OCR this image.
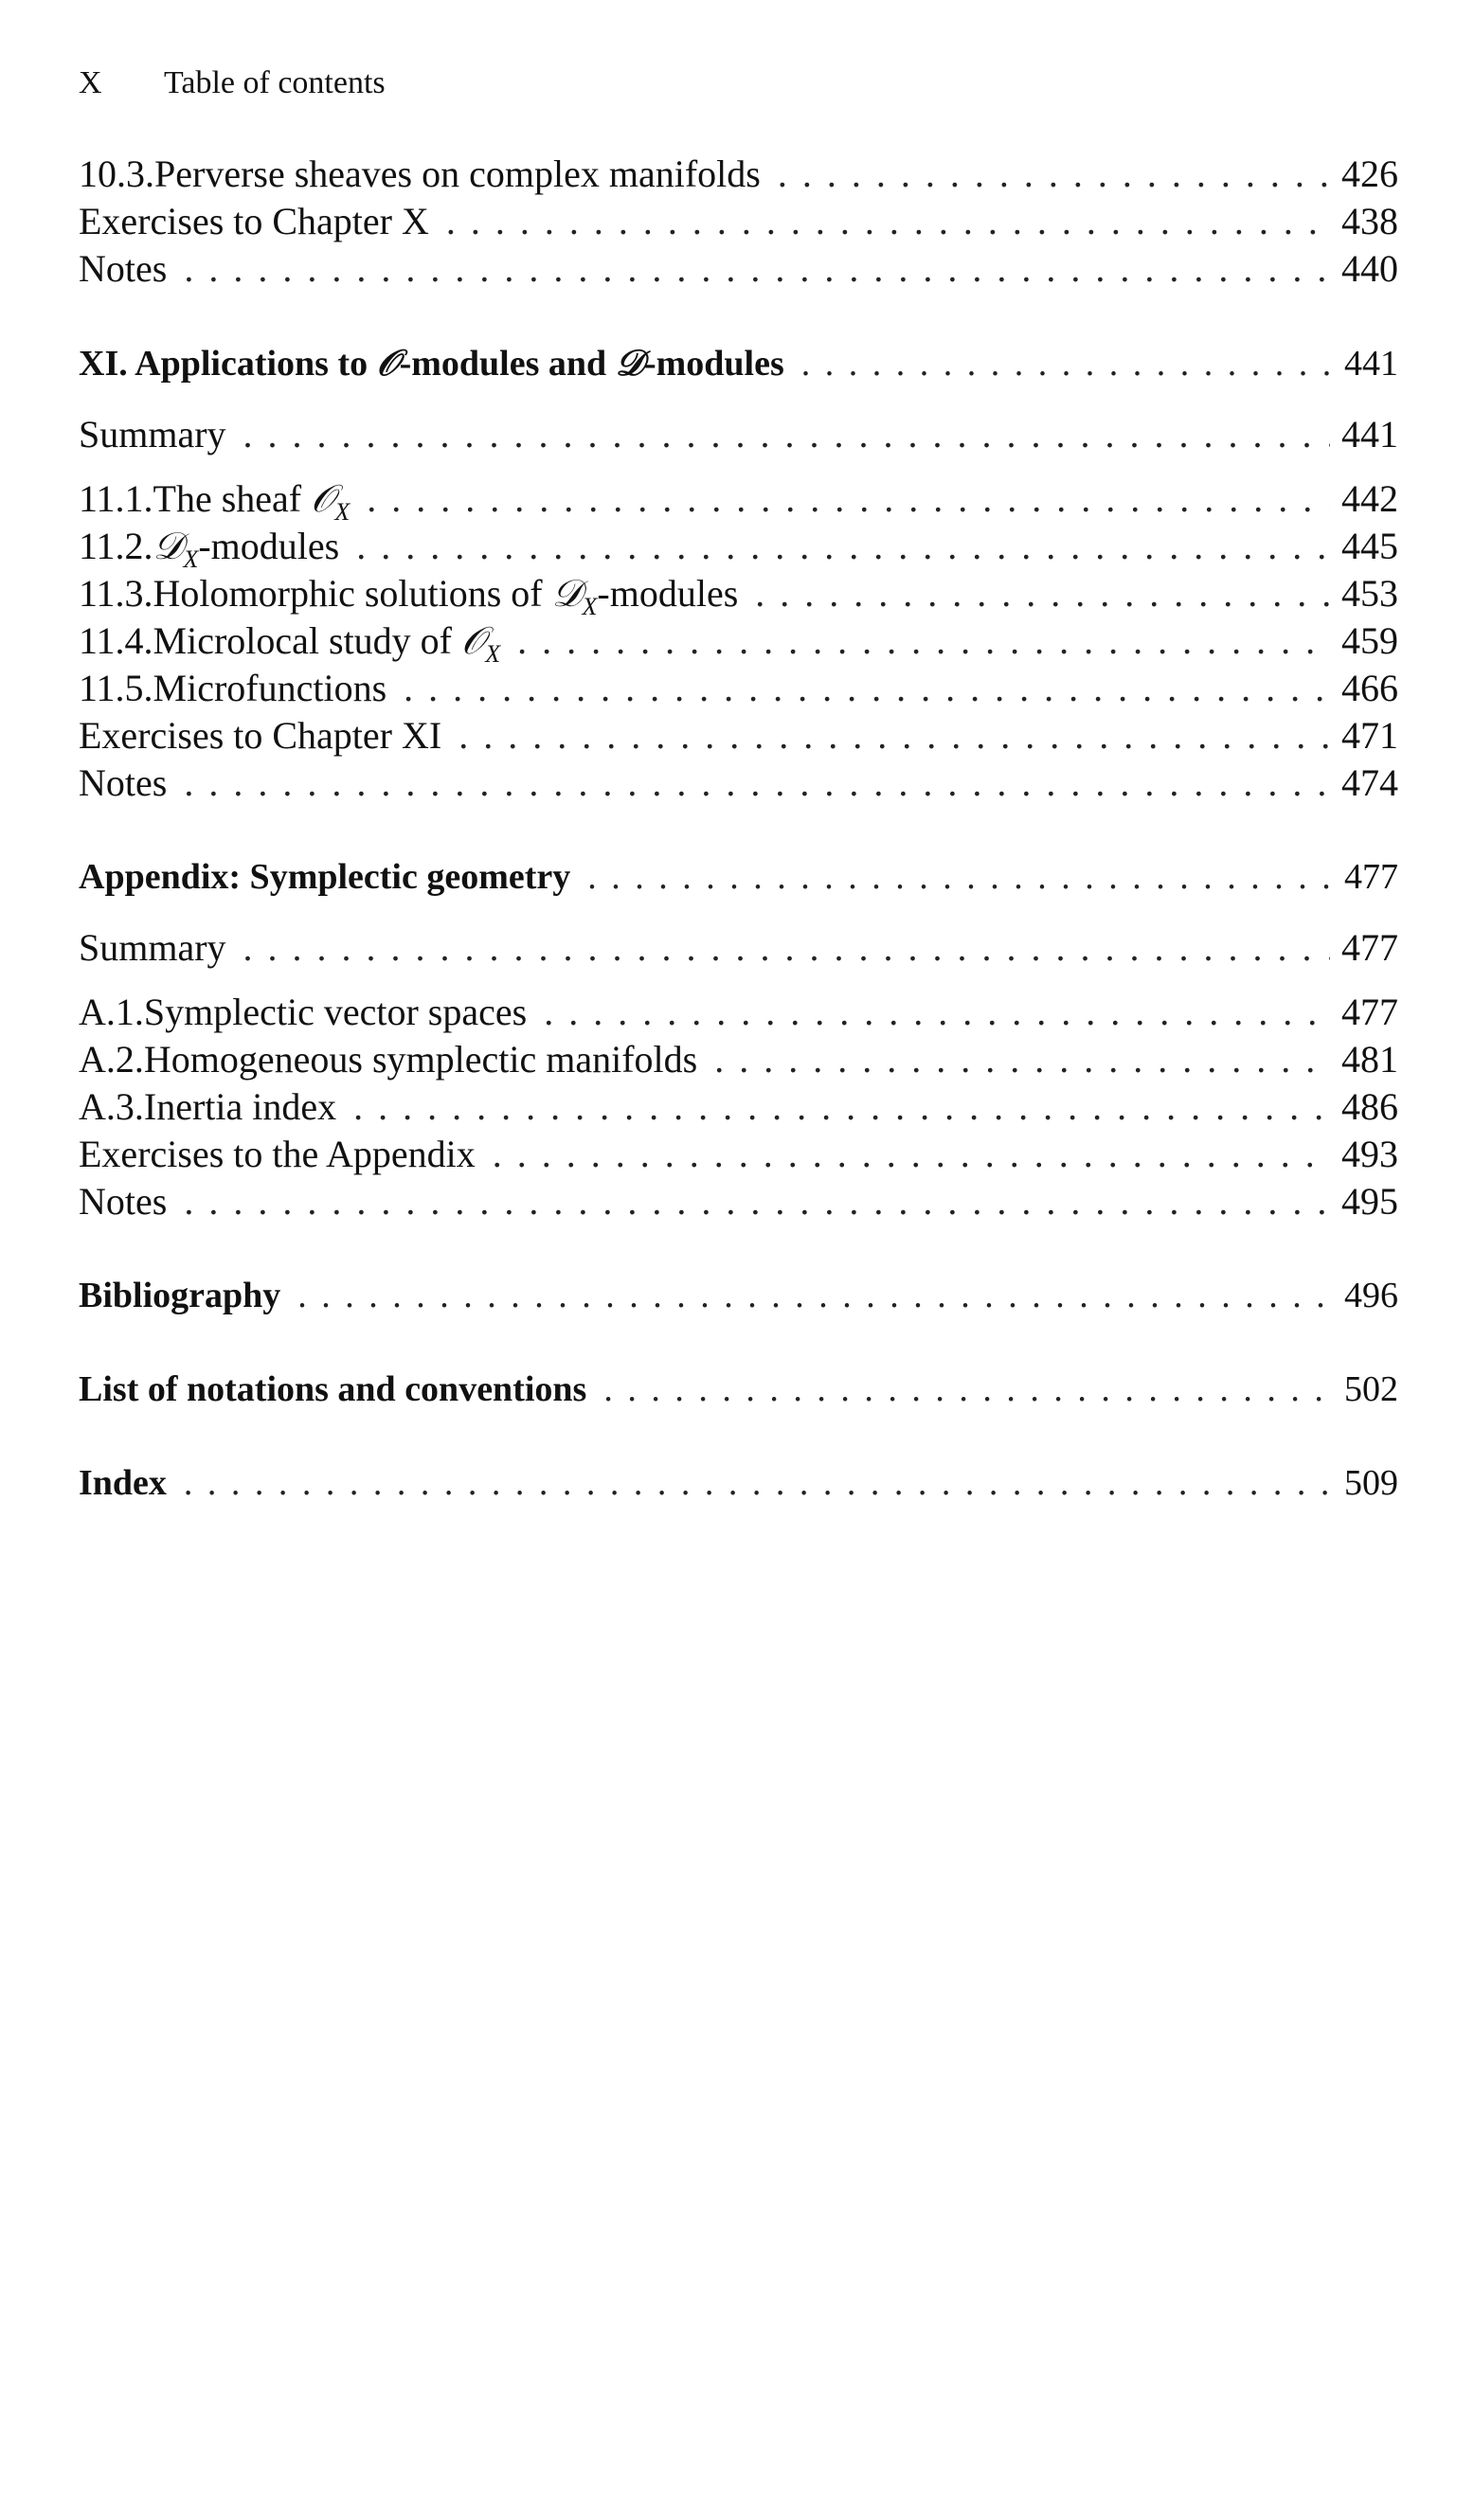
X Table of contents
10.3. Perverse sheaves on complex manifolds . . .	426
Exercises to Chapter X . . .	438
Notes . . .	440
XI. Applications to 𝒪-modules and 𝒟-modules . . .	441
Summary . . .	441
11.1. The sheaf 𝒪$_X$ . . .	442
11.2. 𝒟$_X$-modules . . .	445
11.3. Holomorphic solutions of 𝒟$_X$-modules . . .	453
11.4. Microlocal study of 𝒪$_X$ . . .	459
11.5. Microfunctions . . .	466
Exercises to Chapter XI . . .	471
Notes . . .	474
Appendix: Symplectic geometry . . .	477
Summary . . .	477
A.1. Symplectic vector spaces . . .	477
A.2. Homogeneous symplectic manifolds . . .	481
A.3. Inertia index . . .	486
Exercises to the Appendix . . .	493
Notes . . .	495
Bibliography . . .	496
List of notations and conventions . . .	502
Index . . .	509
